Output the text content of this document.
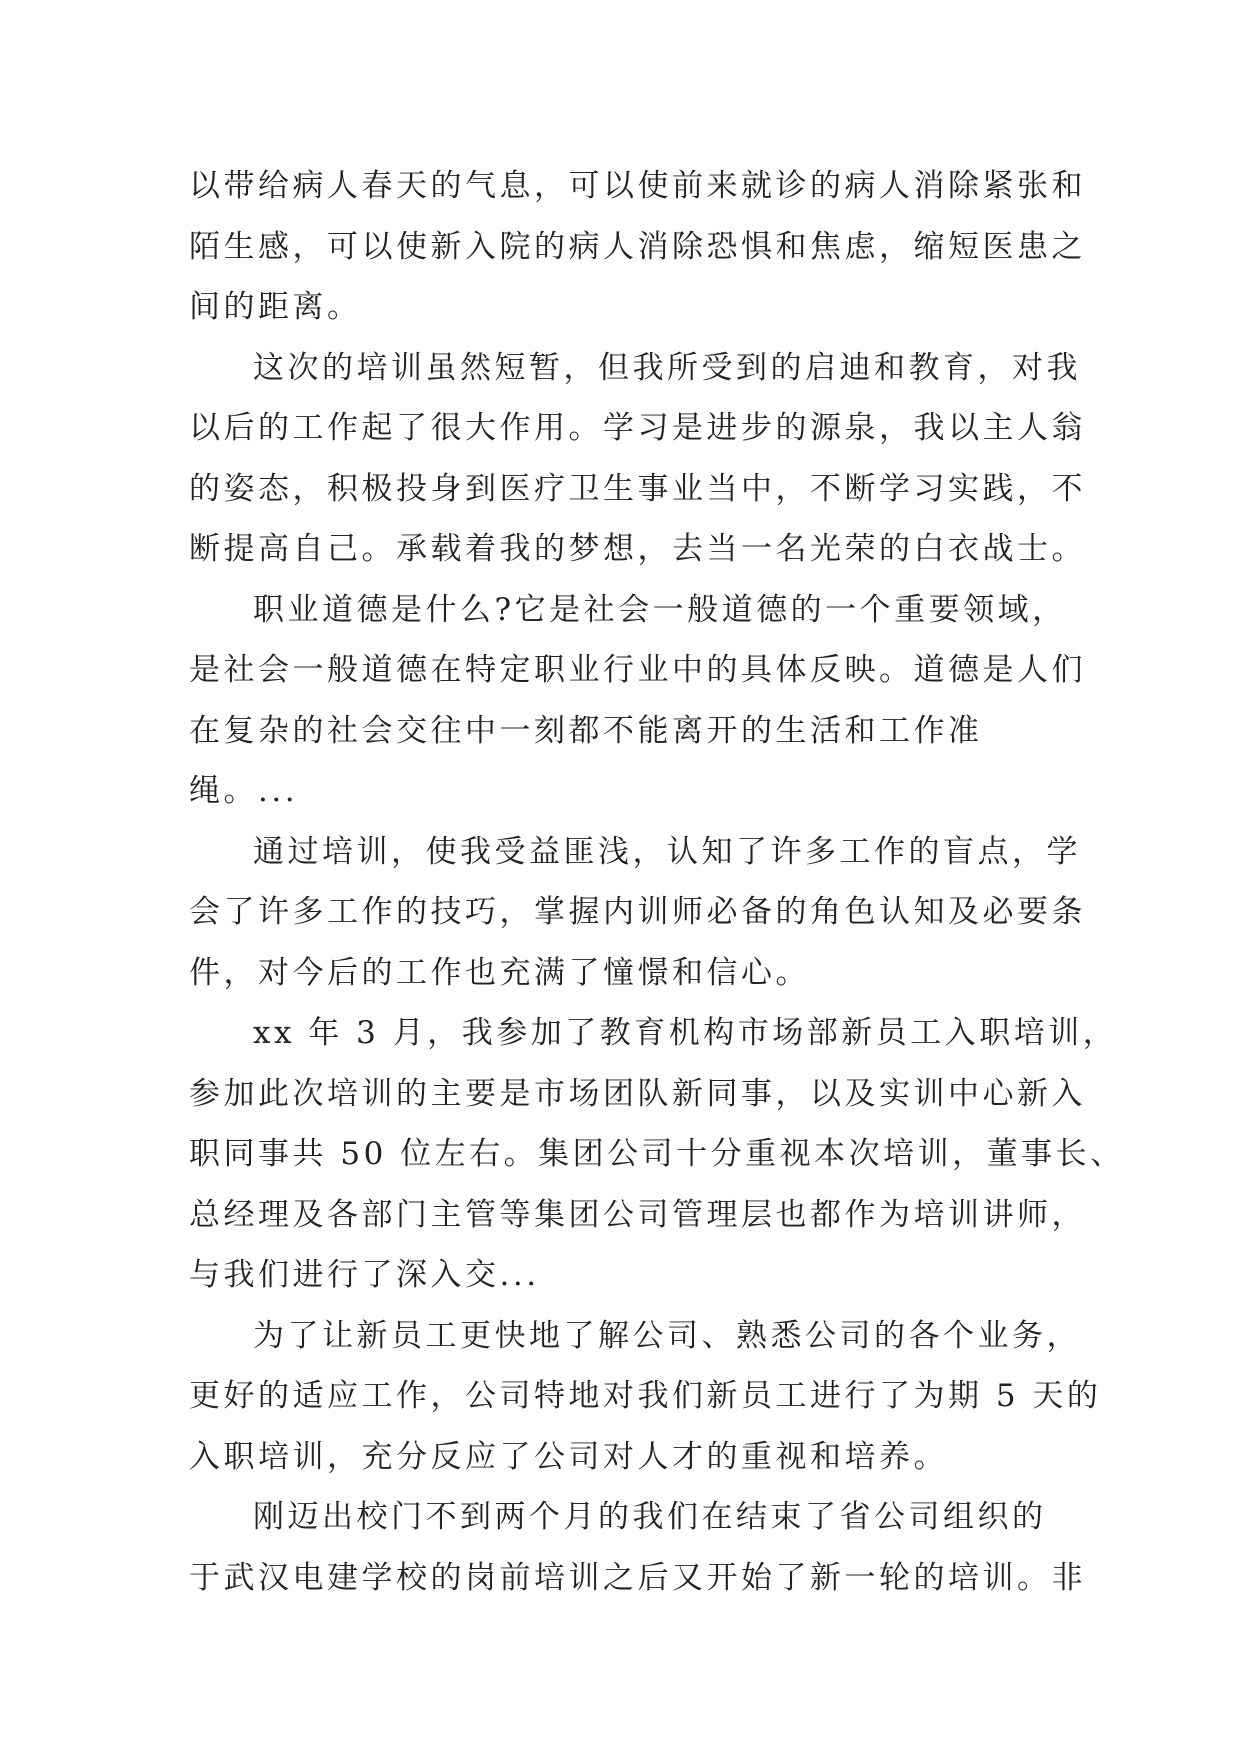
以带给病人春天的气息，可以使前来就诊的病人消除紧张和
陌生感，可以使新入院的病人消除恐惧和焦虑，缩短医患之
间的距离。
这次的培训虽然短暂，但我所受到的启迪和教育，对我
以后的工作起了很大作用。学习是进步的源泉，我以主人翁
的姿态，积极投身到医疗卫生事业当中，不断学习实践，不
断提高自己。承载着我的梦想，去当一名光荣的白衣战士。
职业道德是什么?它是社会一般道德的一个重要领域，
是社会一般道德在特定职业行业中的具体反映。道德是人们
在复杂的社会交往中一刻都不能离开的生活和工作准
绳。...
通过培训，使我受益匪浅，认知了许多工作的盲点，学
会了许多工作的技巧，掌握内训师必备的角色认知及必要条
件，对今后的工作也充满了憧憬和信心。
xx 年 3 月，我参加了教育机构市场部新员工入职培训，
参加此次培训的主要是市场团队新同事，以及实训中心新入
职同事共 50 位左右。集团公司十分重视本次培训，董事长、
总经理及各部门主管等集团公司管理层也都作为培训讲师，
与我们进行了深入交...
为了让新员工更快地了解公司、熟悉公司的各个业务，
更好的适应工作，公司特地对我们新员工进行了为期 5 天的
入职培训，充分反应了公司对人才的重视和培养。
刚迈出校门不到两个月的我们在结束了省公司组织的
于武汉电建学校的岗前培训之后又开始了新一轮的培训。非
